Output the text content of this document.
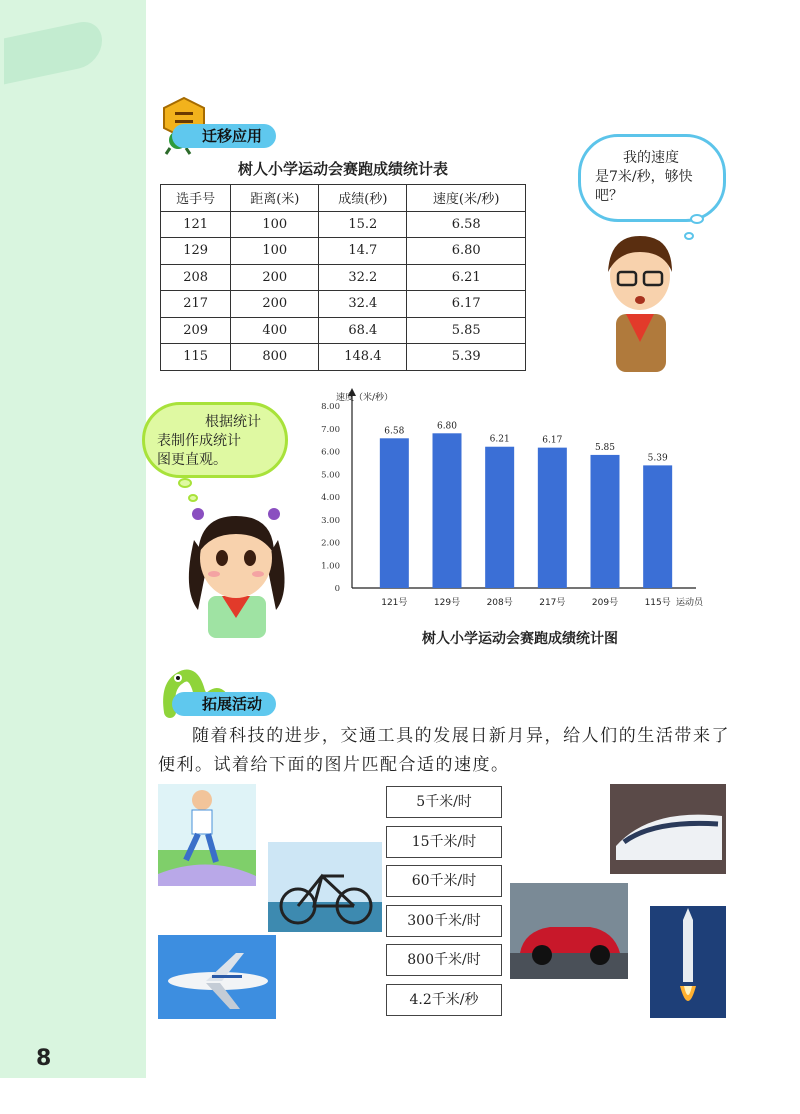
8
迁移应用
树人小学运动会赛跑成绩统计表
选手号	距离(米)	成绩(秒)	速度(米/秒)
121	100	15.2	6.58
129	100	14.7	6.80
208	200	32.2	6.21
217	200	32.4	6.17
209	400	68.4	5.85
115	800	148.4	5.39
我的速度
是7米/秒，够快
吧？
根据统计
表制作成统计
图更直观。
速度（米/秒）
运动员
0
1.00
2.00
3.00
4.00
5.00
6.00
7.00
8.00
6.58
121号
6.80
129号
6.21
208号
6.17
217号
5.85
209号
5.39
115号
树人小学运动会赛跑成绩统计图
拓展活动
随着科技的进步，交通工具的发展日新月异，给人们的生活带来了便利。试着给下面的图片匹配合适的速度。
5千米/时
15千米/时
60千米/时
300千米/时
800千米/时
4.2千米/秒
